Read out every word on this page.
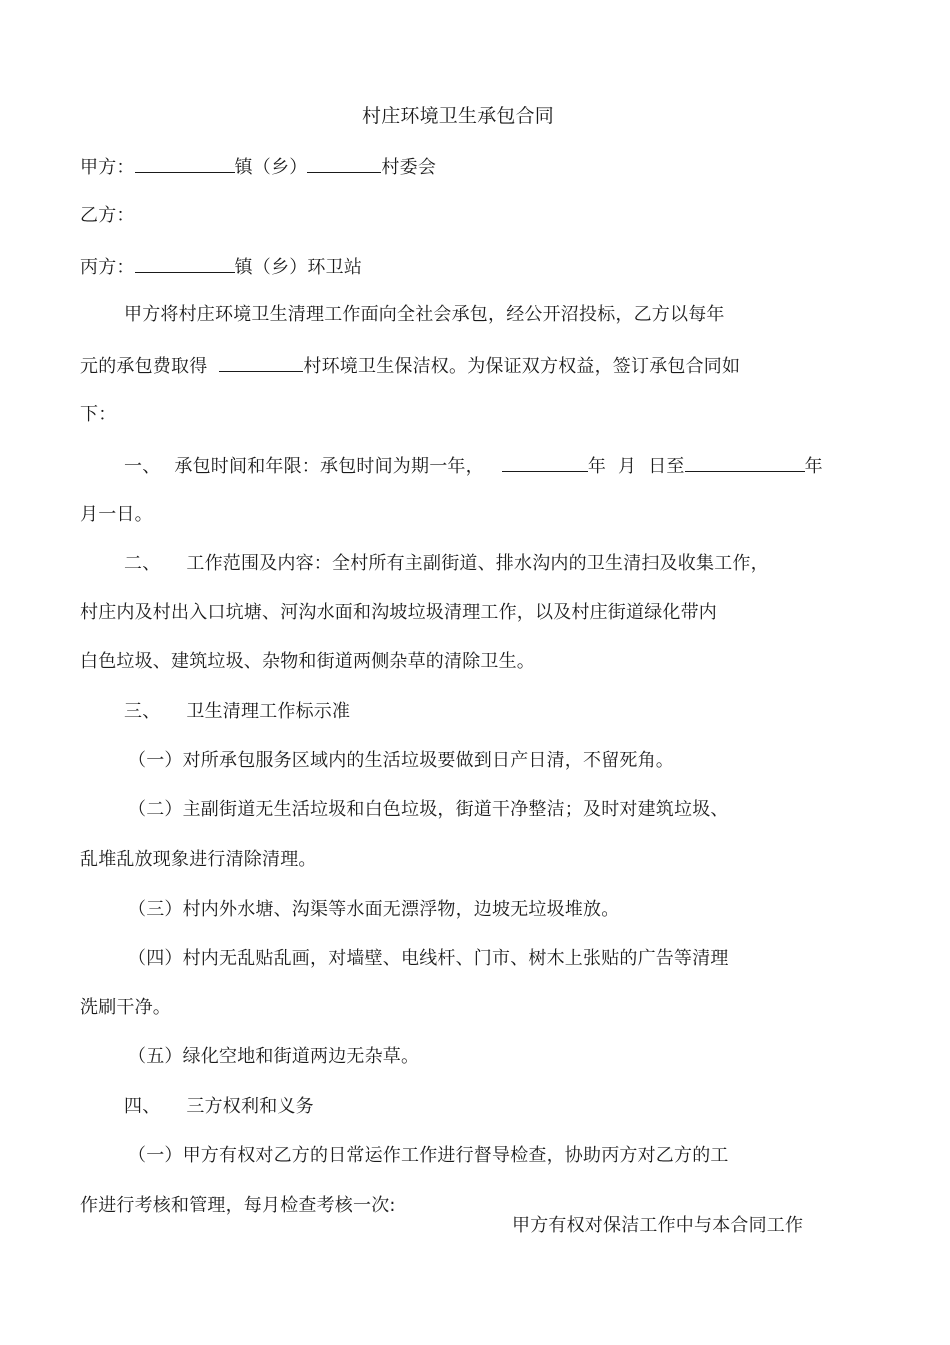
村庄环境卫生承包合同
甲方：	镇（乡）	村委会
乙方：
丙方：	镇（乡）环卫站
甲方将村庄环境卫生清理工作面向全社会承包，经公开沼投标，乙方以每年
元的承包费取得	村环境卫生保洁权。为保证双方权益，签订承包合同如
下：
一、 承包时间和年限：承包时间为期一年，	年 月 日至	年
月一日。
二、 工作范围及内容：全村所有主副街道、排水沟内的卫生清扫及收集工作，
村庄内及村出入口坑塘、河沟水面和沟坡垃圾清理工作，以及村庄街道绿化带内
白色垃圾、建筑垃圾、杂物和街道两侧杂草的清除卫生。
三、 卫生清理工作标示准
（一）对所承包服务区域内的生活垃圾要做到日产日清，不留死角。
（二）主副街道无生活垃圾和白色垃圾，街道干净整洁；及时对建筑垃圾、
乱堆乱放现象进行清除清理。
（三）村内外水塘、沟渠等水面无漂浮物，边坡无垃圾堆放。
（四）村内无乱贴乱画，对墙壁、电线杆、门市、树木上张贴的广告等清理
洗刷干净。
（五）绿化空地和街道两边无杂草。
四、 三方权利和义务
（一）甲方有权对乙方的日常运作工作进行督导检查，协助丙方对乙方的工
作进行考核和管理，每月检查考核一次:
甲方有权对保洁工作中与本合同工作
